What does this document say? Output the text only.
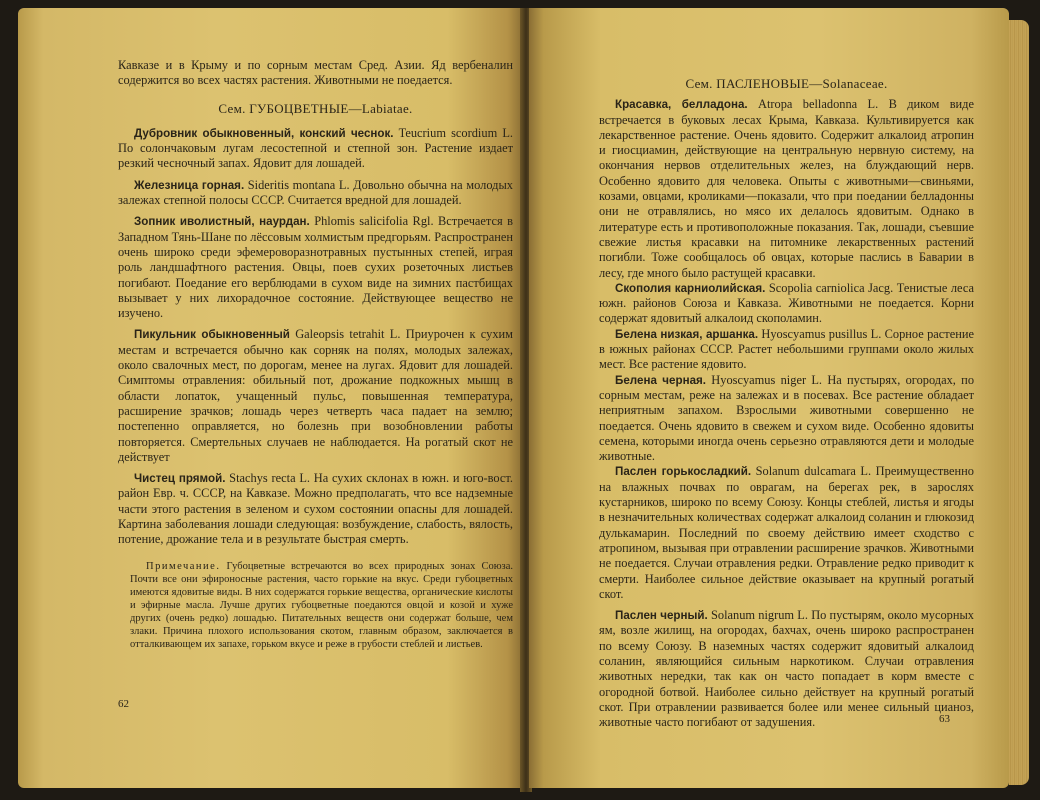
Кавказе и в Крыму и по сорным местам Сред. Азии. Яд вербеналин содержится во всех частях растения. Животными не поедается.

Сем. ГУБОЦВЕТНЫЕ—Labiatae.

Дубровник обыкновенный, конский чеснок. Teucrium scordium L. По солончаковым лугам лесостепной и степной зон. Растение издает резкий чесночный запах. Ядовит для лошадей.

Железница горная. Sideritis montana L. Довольно обычна на молодых залежах степной полосы СССР. Считается вредной для лошадей.

Зопник иволистный, наурдан. Phlomis salicifolia Rgl. Встречается в Западном Тянь-Шане по лёссовым холмистым предгорьям. Распространен очень широко среди эфемероворазнотравных пустынных степей, играя роль ландшафтного растения. Овцы, поев сухих розеточных листьев погибают. Поедание его верблюдами в сухом виде на зимних пастбищах вызывает у них лихорадочное состояние. Действующее вещество не изучено.

Пикульник обыкновенный Galeopsis tetrahit L. Приурочен к сухим местам и встречается обычно как сорняк на полях, молодых залежах, около свалочных мест, по дорогам, менее на лугах. Ядовит для лошадей. Симптомы отравления: обильный пот, дрожание подкожных мышц в области лопаток, учащенный пульс, повышенная температура, расширение зрачков; лошадь через четверть часа падает на землю; постепенно оправляется, но болезнь при возобновлении работы повторяется. Смертельных случаев не наблюдается. На рогатый скот не действует

Чистец прямой. Stachys recta L. На сухих склонах в южн. и юго-вост. район Евр. ч. СССР, на Кавказе. Можно предполагать, что все надземные части этого растения в зеленом и сухом состоянии опасны для лошадей. Картина заболевания лошади следующая: возбуждение, слабость, вялость, потение, дрожание тела и в результате быстрая смерть.

Примечание. Губоцветные встречаются во всех природных зонах Союза. Почти все они эфироносные растения, часто горькие на вкус. Среди губоцветных имеются ядовитые виды. В них содержатся горькие вещества, органические кислоты и эфирные масла. Лучше других губоцветные поедаются овцой и козой и хуже других (очень редко) лошадью. Питательных веществ они содержат больше, чем злаки. Причина плохого использования скотом, главным образом, заключается в отталкивающем их запахе, горьком вкусе и реже в грубости стеблей и листьев.

62

Сем. ПАСЛЕНОВЫЕ—Solanaceae.

Красавка, белладона. Atropa belladonna L. В диком виде встречается в буковых лесах Крыма, Кавказа. Культивируется как лекарственное растение. Очень ядовито. Содержит алкалоид атропин и гиосциамин, действующие на центральную нервную систему, на окончания нервов отделительных желез, на блуждающий нерв. Особенно ядовито для человека. Опыты с животными—свиньями, козами, овцами, кроликами—показали, что при поедании белладонны они не отравлялись, но мясо их делалось ядовитым. Однако в литературе есть и противоположные показания. Так, лошади, съевшие свежие листья красавки на питомнике лекарственных растений погибли. Тоже сообщалось об овцах, которые паслись в Баварии в лесу, где много было растущей красавки.

Скополия карниолийская. Scopolia carniolica Jacg. Тенистые леса южн. районов Союза и Кавказа. Животными не поедается. Корни содержат ядовитый алкалоид скополамин.

Белена низкая, аршанка. Hyoscyamus pusillus L. Сорное растение в южных районах СССР. Растет небольшими группами около жилых мест. Все растение ядовито.

Белена черная. Hyoscyamus niger L. На пустырях, огородах, по сорным местам, реже на залежах и в посевах. Все растение обладает неприятным запахом. Взрослыми животными совершенно не поедается. Очень ядовито в свежем и сухом виде. Особенно ядовиты семена, которыми иногда очень серьезно отравляются дети и молодые животные.

Паслен горькосладкий. Solanum dulcamara L. Преимущественно на влажных почвах по оврагам, на берегах рек, в зарослях кустарников, широко по всему Союзу. Концы стеблей, листья и ягоды в незначительных количествах содержат алкалоид соланин и глюкозид дулькамарин. Последний по своему действию имеет сходство с атропином, вызывая при отравлении расширение зрачков. Животными не поедается. Случаи отравления редки. Отравление редко приводит к смерти. Наиболее сильное действие оказывает на крупный рогатый скот.

Паслен черный. Solanum nigrum L. По пустырям, около мусорных ям, возле жилищ, на огородах, бахчах, очень широко распространен по всему Союзу. В наземных частях содержит ядовитый алкалоид соланин, являющийся сильным наркотиком. Случаи отравления животных нередки, так как он часто попадает в корм вместе с огородной ботвой. Наиболее сильно действует на крупный рогатый скот. При отравлении развивается более или менее сильный цианоз, животные часто погибают от задушения.	63
